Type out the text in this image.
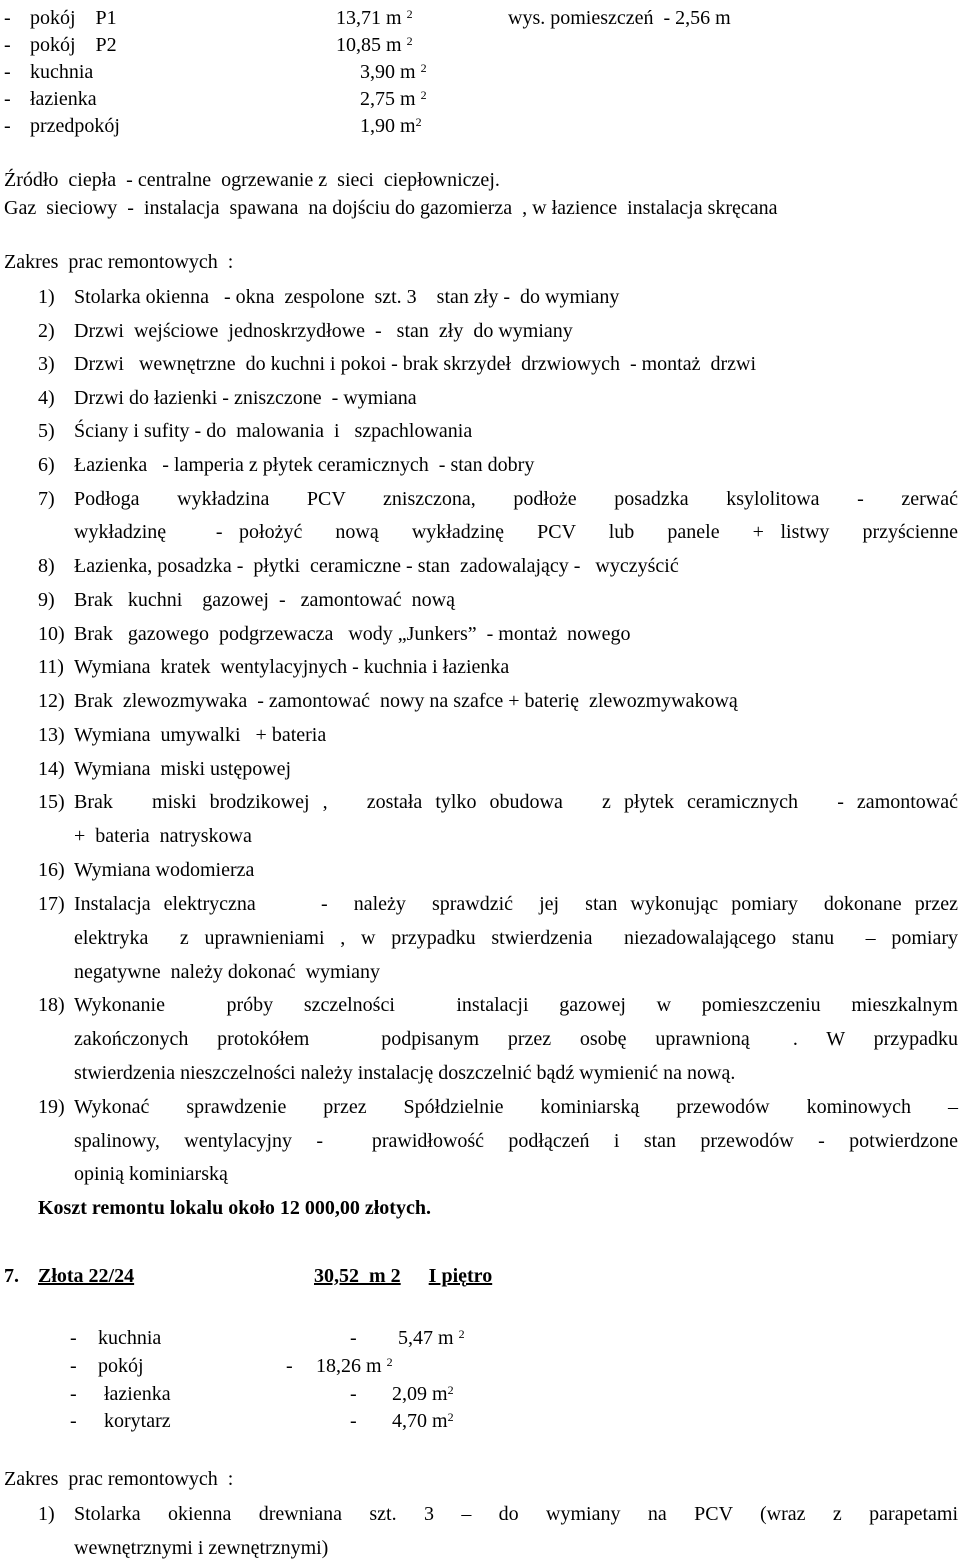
- pokój    P1	13,71 m $^2$	wys. pomieszczeń  - 2,56 m
- pokój    P2	10,85 m $^2$
- kuchnia	3,90 m $^2$
- łazienka	2,75 m $^2$
- przedpokój	1,90 $m^2$
Źródło  ciepła  - centralne  ogrzewanie z  sieci  ciepłowniczej.
Gaz  sieciowy  -  instalacja  spawana  na dojściu do gazomierza  , w łazience  instalacja skręcana
Zakres  prac remontowych  :
1) Stolarka okienna   - okna  zespolone  szt. 3    stan zły -  do wymiany
2) Drzwi  wejściowe  jednoskrzydłowe  -   stan  zły  do wymiany
3) Drzwi   wewnętrzne  do kuchni i pokoi - brak skrzydeł  drzwiowych  - montaż  drzwi
4) Drzwi do łazienki - zniszczone  - wymiana
5) Ściany i sufity - do  malowania  i   szpachlowania
6) Łazienka   - lamperia z płytek ceramicznych  - stan dobry
7) Podłoga  wykładzina  PCV  zniszczona,  podłoże  posadzka  ksylolitowa  -  zerwać
wykładzinę   - położyć  nową  wykładzinę  PCV  lub  panele  + listwy  przyścienne
8) Łazienka, posadzka -  płytki  ceramiczne - stan  zadowalający -   wyczyścić
9) Brak   kuchni    gazowej  -   zamontować  nową
10) Brak   gazowego  podgrzewacza   wody „Junkers”  - montaż  nowego
11) Wymiana  kratek  wentylacyjnych - kuchnia i łazienka
12) Brak  zlewozmywaka  - zamontować  nowy na szafce + baterię  zlewozmywakową
13) Wymiana  umywalki   + bateria
14) Wymiana  miski ustępowej
15) Brak   miski brodzikowej ,   została tylko obudowa   z płytek ceramicznych   - zamontować
+  bateria  natryskowa
16) Wymiana wodomierza
17) Instalacja elektryczna     -  należy  sprawdzić  jej  stan wykonując pomiary  dokonane przez
elektryka  z uprawnieniami , w przypadku stwierdzenia  niezadowalającego stanu  – pomiary
negatywne  należy dokonać  wymiany
18) Wykonanie    próby  szczelności    instalacji  gazowej  w  pomieszczeniu  mieszkalnym
zakończonych  protokółem     podpisanym  przez  osobę  uprawnioną   .  W  przypadku
stwierdzenia nieszczelności należy instalację doszczelnić bądź wymienić na nową.
19) Wykonać  sprawdzenie  przez  Spółdzielnie  kominiarską  przewodów  kominowych  –
spalinowy,  wentylacyjny  -    prawidłowość  podłączeń  i  stan  przewodów  -  potwierdzone
opinią kominiarską
Koszt remontu lokalu około 12 000,00 złotych.
7. Złota 22/24	30,52  m 2 I piętro
- kuchnia	- 5,47 m $^2$
- pokój	- 18,26 m $^2$
- łazienka	- 2,09 $m^2$
- korytarz	- 4,70 $m^2$
Zakres  prac remontowych  :
1) Stolarka  okienna  drewniana  szt.  3  –  do  wymiany  na  PCV  (wraz  z  parapetami
wewnętrznymi i zewnętrznymi)
